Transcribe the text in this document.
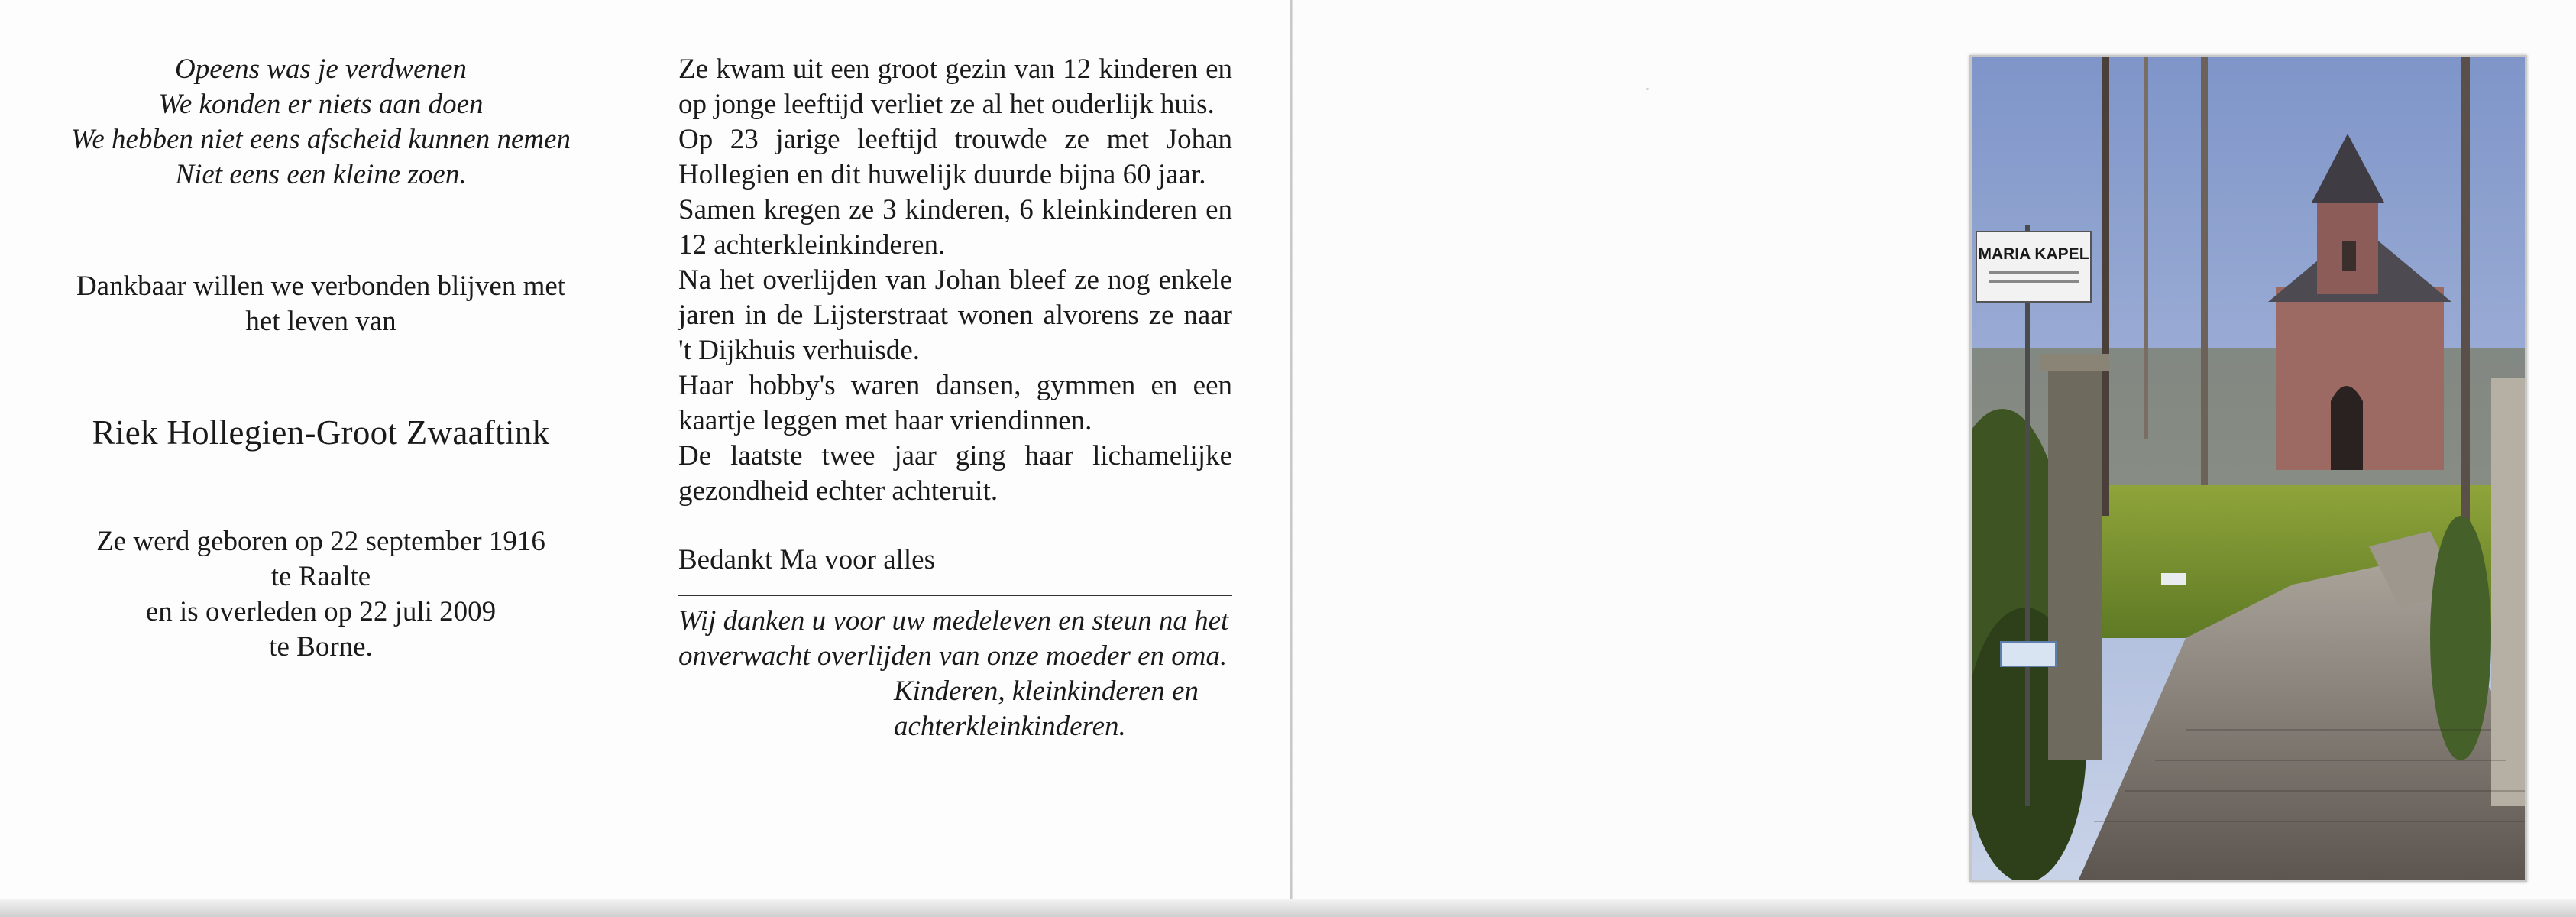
Opeens was je verdwenen

We konden er niets aan doen

We hebben niet eens afscheid kunnen nemen

Niet eens een kleine zoen.

Dankbaar willen we verbonden blijven met

het leven van

Riek Hollegien-Groot Zwaaftink

Ze werd geboren op 22 september 1916

te Raalte

en is overleden op 22 juli 2009

te Borne.

Ze kwam uit een groot gezin van 12 kinderen en op jonge leeftijd verliet ze al het ouderlijk huis.

Op 23 jarige leeftijd trouwde ze met Johan Hollegien en dit huwelijk duurde bijna 60 jaar.

Samen kregen ze 3 kinderen, 6 kleinkinderen en 12 achterkleinkinderen.

Na het overlijden van Johan bleef ze nog enkele jaren in de Lijsterstraat wonen alvorens ze naar 't Dijkhuis verhuisde.

Haar hobby's waren dansen, gymmen en een kaartje leggen met haar vriendinnen.

De laatste twee jaar ging haar lichamelijke gezondheid echter achteruit.

Bedankt Ma voor alles

Wij danken u voor uw medeleven en steun na het onverwacht overlijden van onze moeder en oma.

Kinderen, kleinkinderen en

achterkleinkinderen.

MARIA KAPEL
